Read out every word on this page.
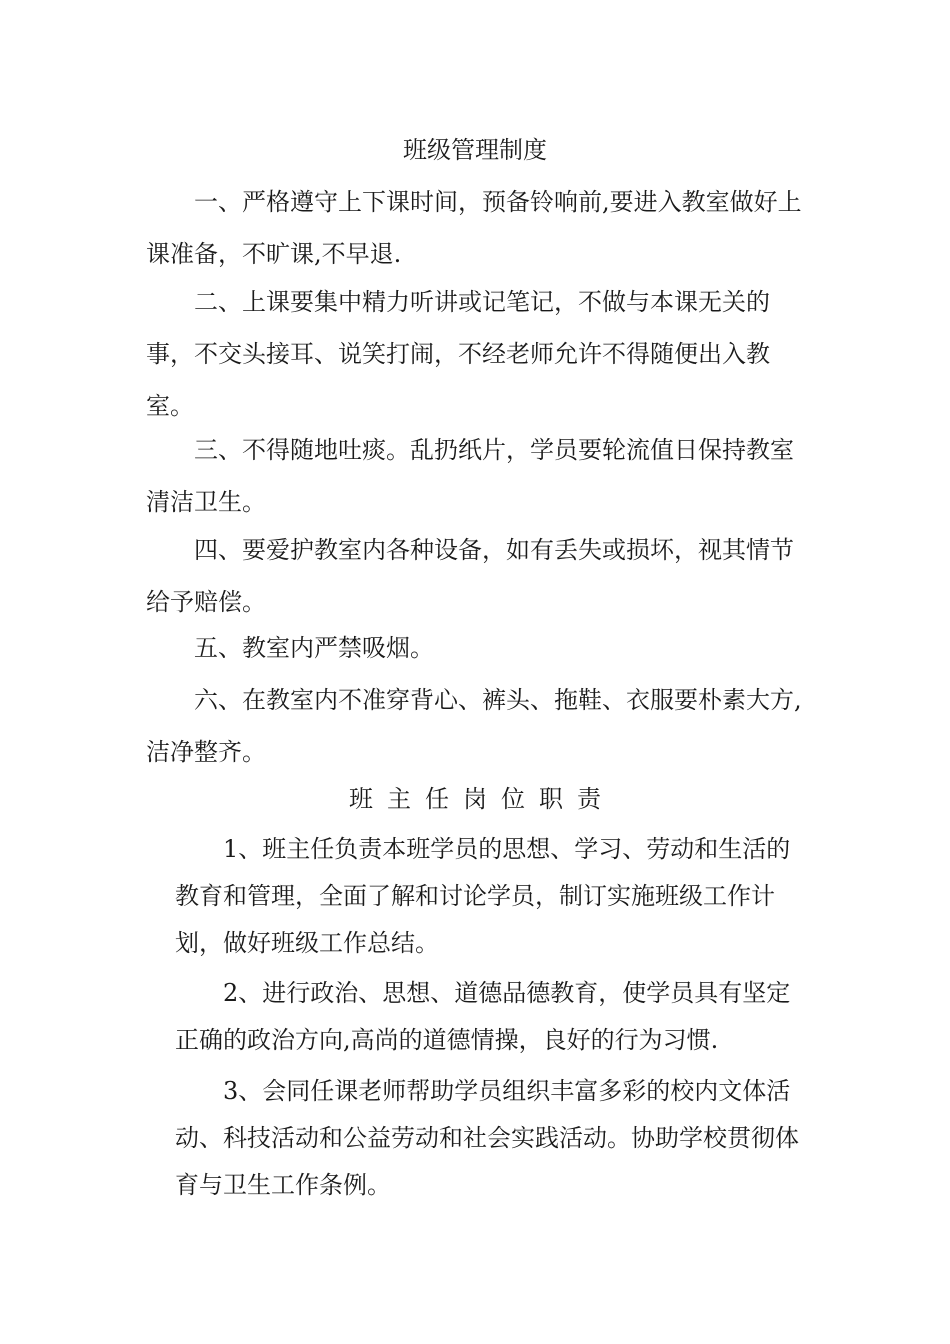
班级管理制度

一、严格遵守上下课时间，预备铃响前,要进入教室做好上课准备，不旷课,不早退.

二、上课要集中精力听讲或记笔记，不做与本课无关的事，不交头接耳、说笑打闹，不经老师允许不得随便出入教室。

三、不得随地吐痰。乱扔纸片，学员要轮流值日保持教室清洁卫生。

四、要爱护教室内各种设备，如有丢失或损坏，视其情节给予赔偿。

五、教室内严禁吸烟。

六、在教室内不准穿背心、裤头、拖鞋、衣服要朴素大方,洁净整齐。

班主任岗位职责

1、班主任负责本班学员的思想、学习、劳动和生活的教育和管理，全面了解和讨论学员，制订实施班级工作计划，做好班级工作总结。

2、进行政治、思想、道德品德教育，使学员具有坚定正确的政治方向,高尚的道德情操，良好的行为习惯.

3、会同任课老师帮助学员组织丰富多彩的校内文体活动、科技活动和公益劳动和社会实践活动。协助学校贯彻体育与卫生工作条例。
